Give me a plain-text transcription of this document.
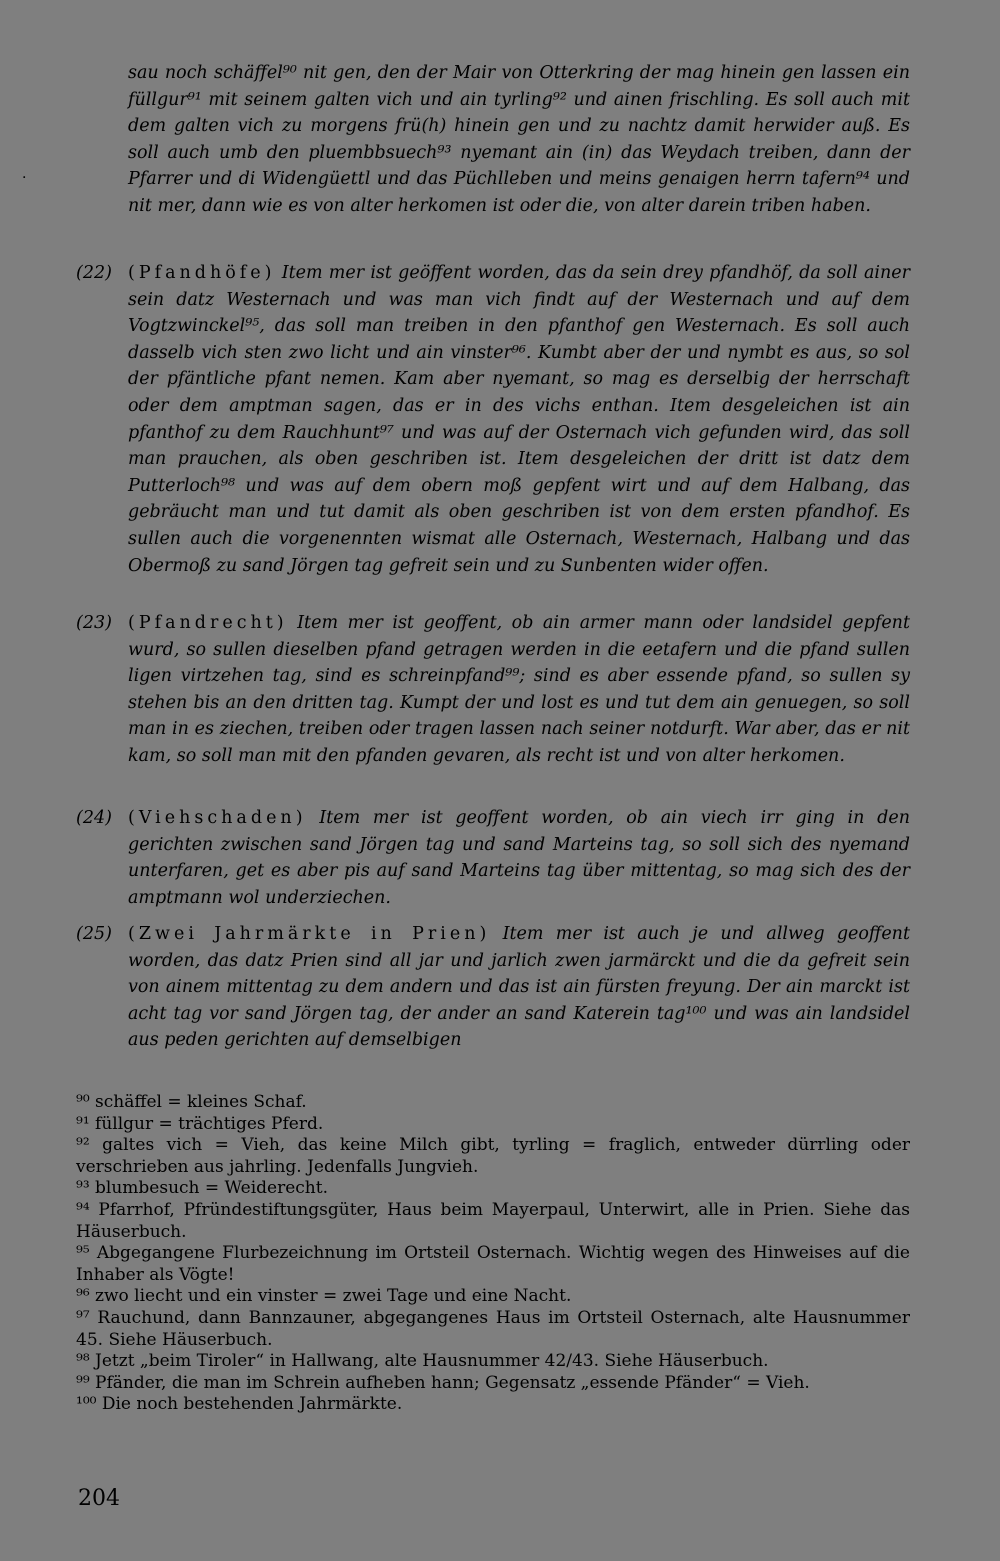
·

sau noch schäffel⁹⁰ nit gen, den der Mair von Otterkring der mag hinein gen lassen ein füllgur⁹¹ mit seinem galten vich und ain tyrling⁹² und ainen frischling. Es soll auch mit dem galten vich zu morgens frü(h) hinein gen und zu nachtz damit herwider auß. Es soll auch umb den pluembbsuech⁹³ nyemant ain (in) das Weydach treiben, dann der Pfarrer und di Widengüettl und das Püchlleben und meins genaigen herrn tafern⁹⁴ und nit mer, dann wie es von alter herkomen ist oder die, von alter darein triben haben.

(22) (Pfandhöfe) Item mer ist geöffent worden, das da sein drey pfandhöf, da soll ainer sein datz Westernach und was man vich findt auf der Westernach und auf dem Vogtzwinckel⁹⁵, das soll man treiben in den pfanthof gen Westernach. Es soll auch dasselb vich sten zwo licht und ain vinster⁹⁶. Kumbt aber der und nymbt es aus, so sol der pfäntliche pfant nemen. Kam aber nyemant, so mag es derselbig der herrschaft oder dem amptman sagen, das er in des vichs enthan. Item desgeleichen ist ain pfanthof zu dem Rauchhunt⁹⁷ und was auf der Osternach vich gefunden wird, das soll man prauchen, als oben geschriben ist. Item desgeleichen der dritt ist datz dem Putterloch⁹⁸ und was auf dem obern moß gepfent wirt und auf dem Halbang, das gebräucht man und tut damit als oben geschriben ist von dem ersten pfandhof. Es sullen auch die vorgenennten wismat alle Osternach, Westernach, Halbang und das Obermoß zu sand Jörgen tag gefreit sein und zu Sunbenten wider offen.

(23) (Pfandrecht) Item mer ist geoffent, ob ain armer mann oder landsidel gepfent wurd, so sullen dieselben pfand getragen werden in die eetafern und die pfand sullen ligen virtzehen tag, sind es schreinpfand⁹⁹; sind es aber essende pfand, so sullen sy stehen bis an den dritten tag. Kumpt der und lost es und tut dem ain genuegen, so soll man in es ziechen, treiben oder tragen lassen nach seiner notdurft. War aber, das er nit kam, so soll man mit den pfanden gevaren, als recht ist und von alter herkomen.

(24) (Viehschaden) Item mer ist geoffent worden, ob ain viech irr ging in den gerichten zwischen sand Jörgen tag und sand Marteins tag, so soll sich des nyemand unterfaren, get es aber pis auf sand Marteins tag über mittentag, so mag sich des der amptmann wol underziechen.

(25) (Zwei Jahrmärkte in Prien) Item mer ist auch je und allweg geoffent worden, das datz Prien sind all jar und jarlich zwen jarmärckt und die da gefreit sein von ainem mittentag zu dem andern und das ist ain fürsten freyung. Der ain marckt ist acht tag vor sand Jörgen tag, der ander an sand Katerein tag¹⁰⁰ und was ain landsidel aus peden gerichten auf demselbigen

⁹⁰ schäffel = kleines Schaf.

⁹¹ füllgur = trächtiges Pferd.

⁹² galtes vich = Vieh, das keine Milch gibt, tyrling = fraglich, entweder dürrling oder verschrieben aus jahrling. Jedenfalls Jungvieh.

⁹³ blumbesuch = Weiderecht.

⁹⁴ Pfarrhof, Pfründestiftungsgüter, Haus beim Mayerpaul, Unterwirt, alle in Prien. Siehe das Häuserbuch.

⁹⁵ Abgegangene Flurbezeichnung im Ortsteil Osternach. Wichtig wegen des Hinweises auf die Inhaber als Vögte!

⁹⁶ zwo liecht und ein vinster = zwei Tage und eine Nacht.

⁹⁷ Rauchund, dann Bannzauner, abgegangenes Haus im Ortsteil Osternach, alte Hausnummer 45. Siehe Häuserbuch.

⁹⁸ Jetzt „beim Tiroler“ in Hallwang, alte Hausnummer 42/43. Siehe Häuserbuch.

⁹⁹ Pfänder, die man im Schrein aufheben hann; Gegensatz „essende Pfänder“ = Vieh.

¹⁰⁰ Die noch bestehenden Jahrmärkte.

204
